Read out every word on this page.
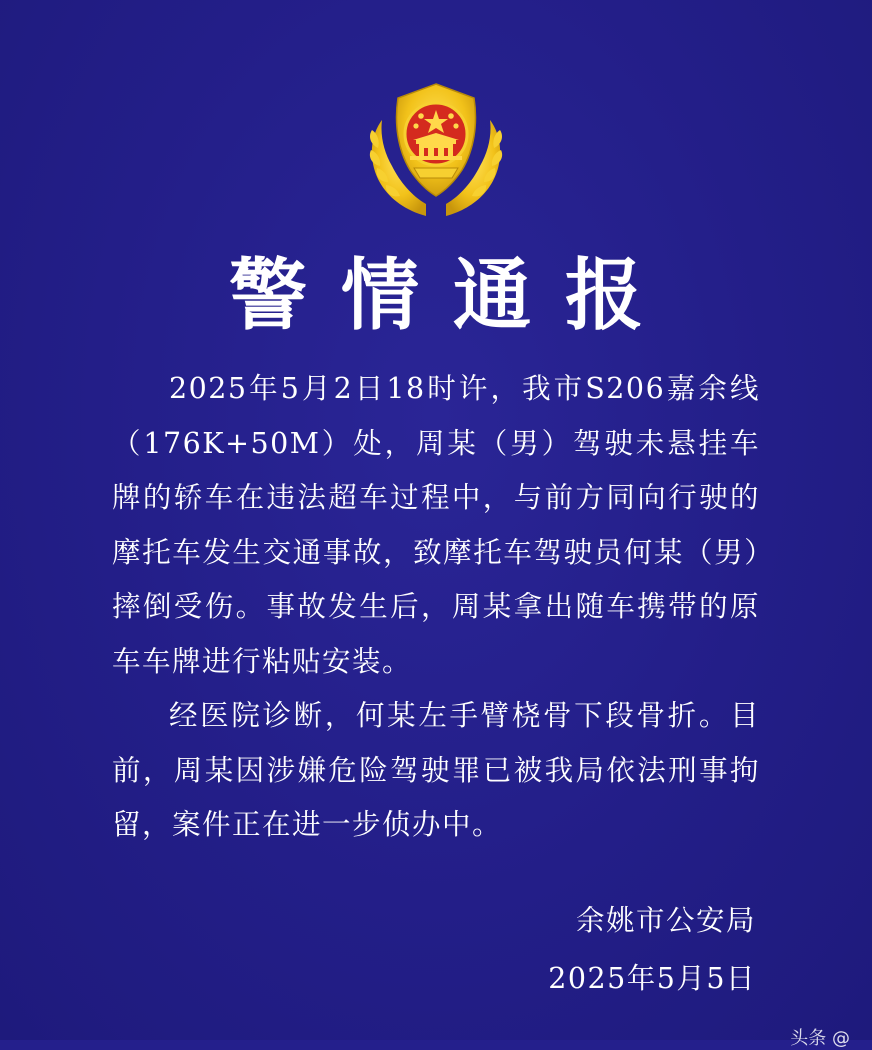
警情通报

2025年5月2日18时许，我市S206嘉余线（176K+50M）处，周某（男）驾驶未悬挂车牌的轿车在违法超车过程中，与前方同向行驶的摩托车发生交通事故，致摩托车驾驶员何某（男）摔倒受伤。事故发生后，周某拿出随车携带的原车车牌进行粘贴安装。

经医院诊断，何某左手臂桡骨下段骨折。目前，周某因涉嫌危险驾驶罪已被我局依法刑事拘留，案件正在进一步侦办中。

余姚市公安局
2025年5月5日
头条 @
